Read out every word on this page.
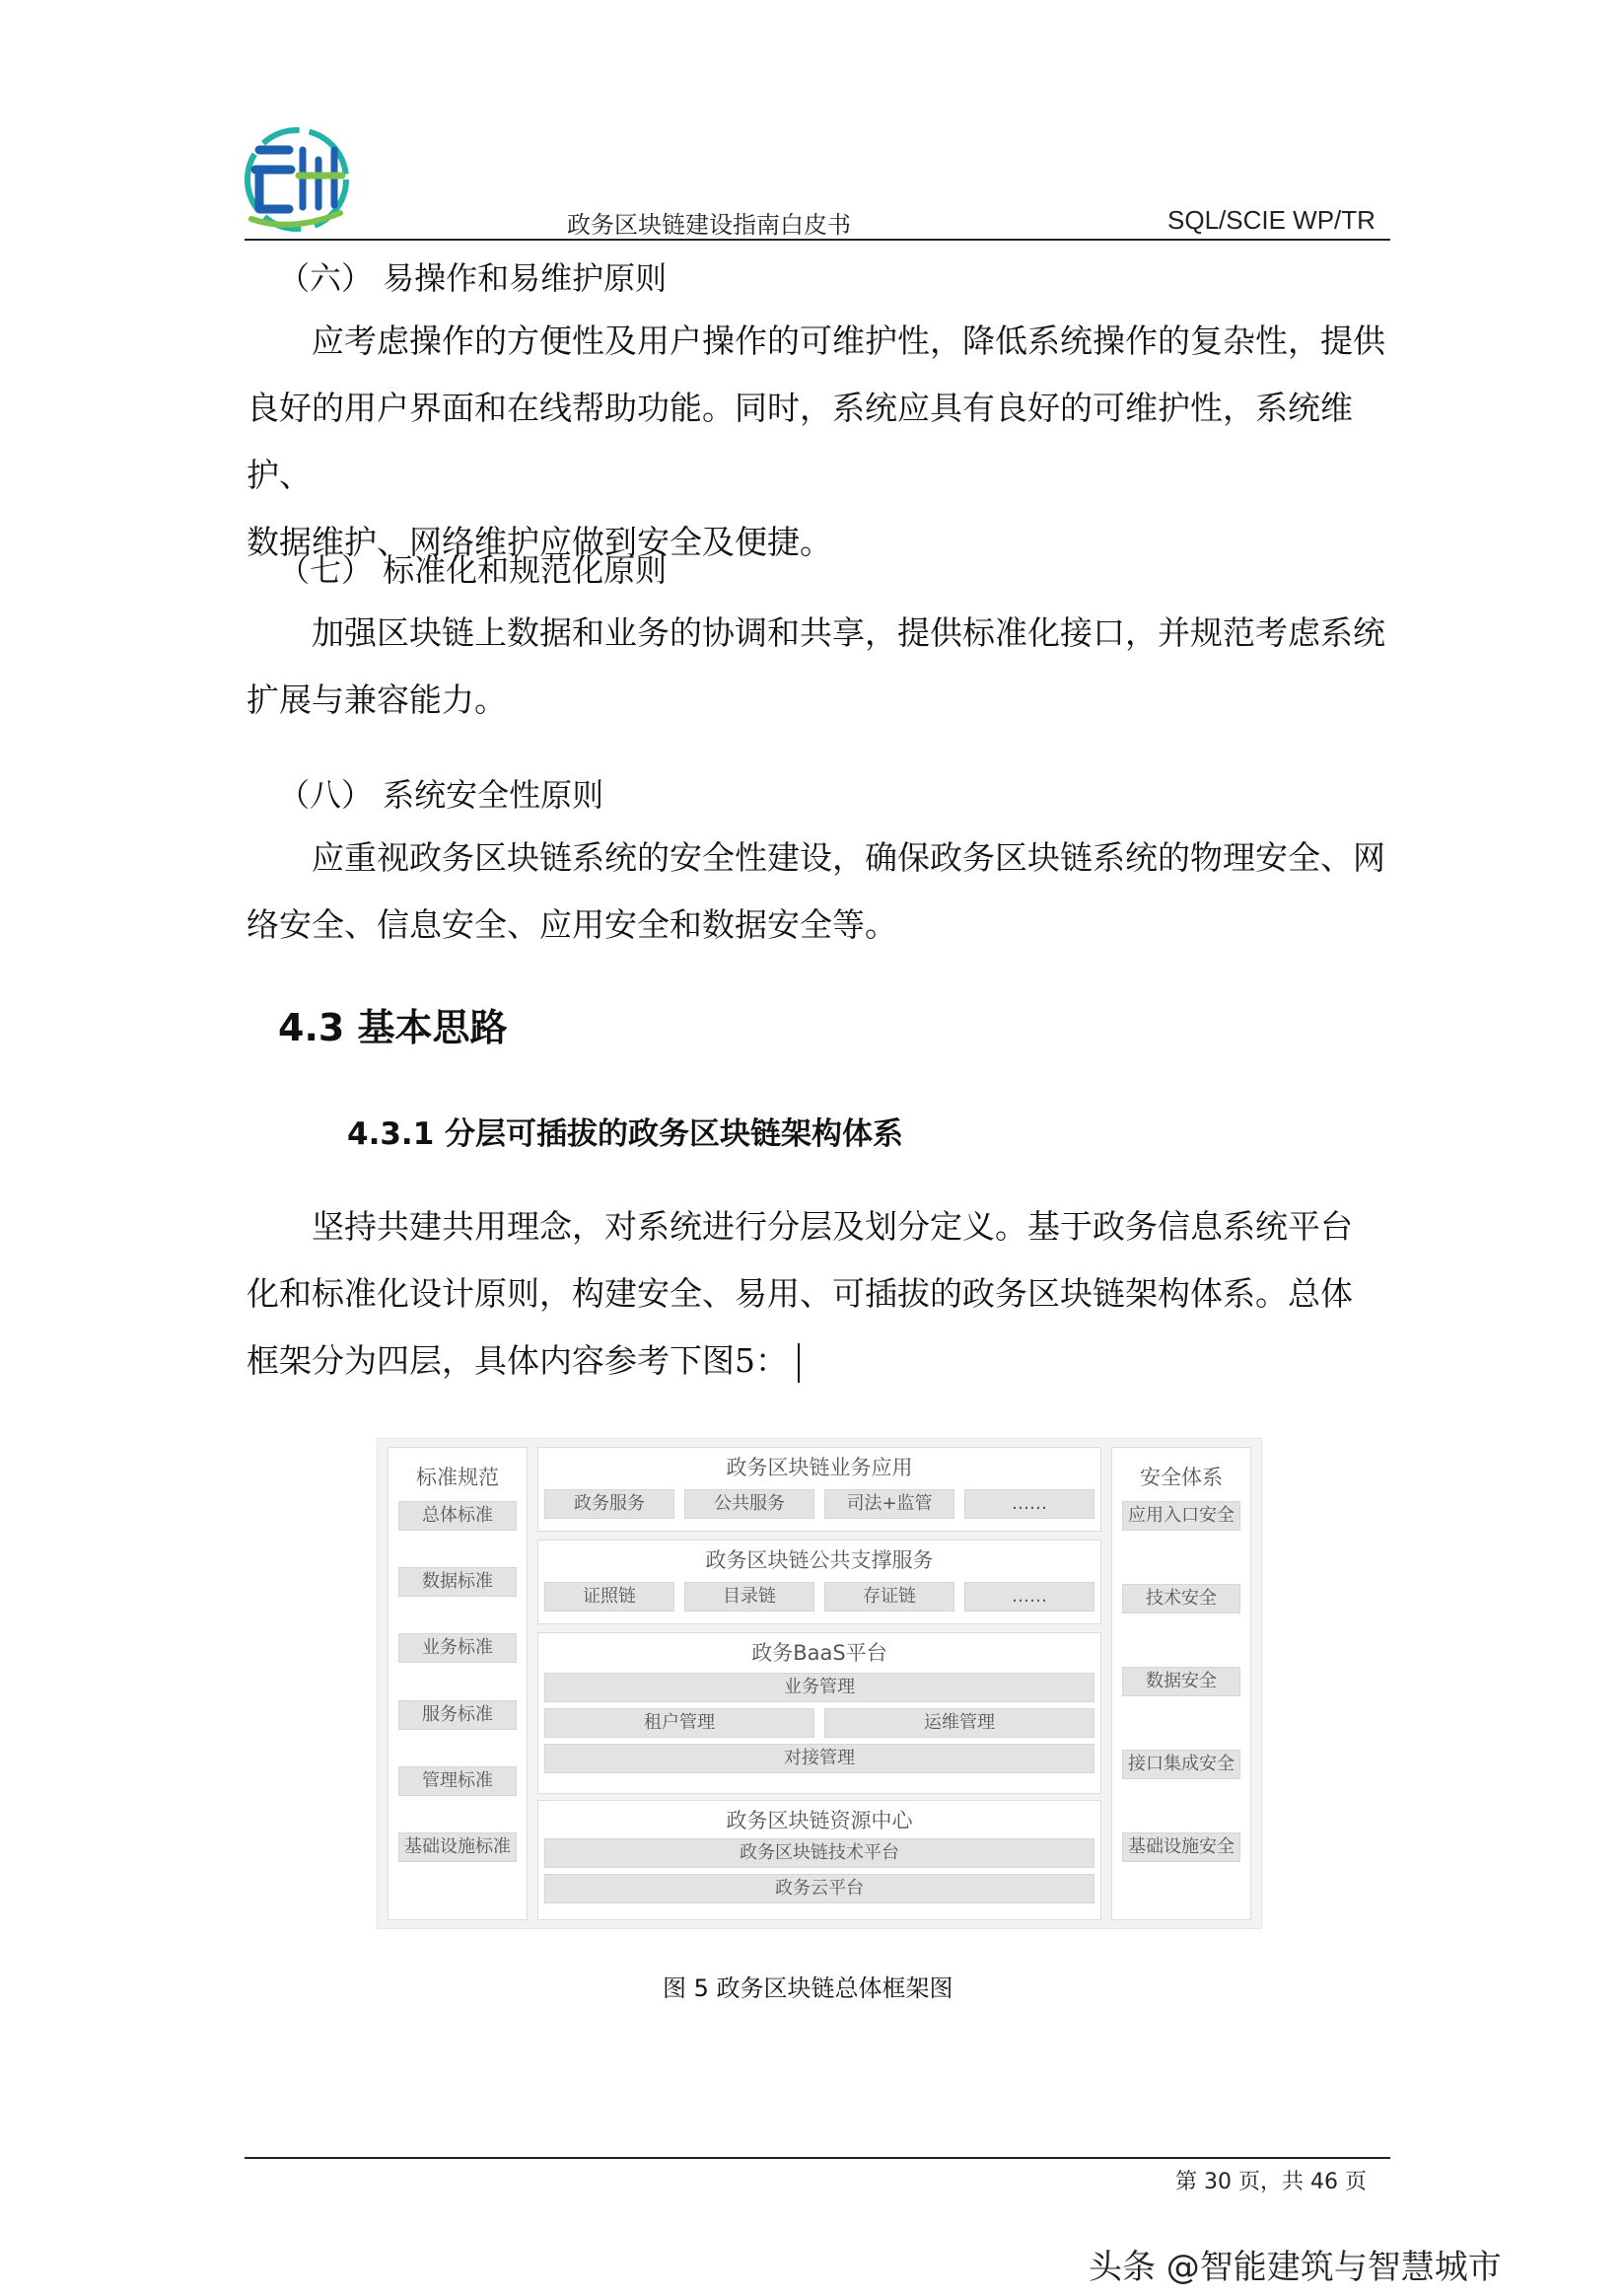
政务区块链建设指南白皮书	SQL/SCIE WP/TR
（六） 易操作和易维护原则

应考虑操作的方便性及用户操作的可维护性，降低系统操作的复杂性，提供

良好的用户界面和在线帮助功能。同时，系统应具有良好的可维护性，系统维护、

数据维护、网络维护应做到安全及便捷。

（七） 标准化和规范化原则

加强区块链上数据和业务的协调和共享，提供标准化接口，并规范考虑系统

扩展与兼容能力。

（八） 系统安全性原则

应重视政务区块链系统的安全性建设，确保政务区块链系统的物理安全、网

络安全、信息安全、应用安全和数据安全等。

4.3 基本思路
4.3.1 分层可插拔的政务区块链架构体系

坚持共建共用理念，对系统进行分层及划分定义。基于政务信息系统平台

化和标准化设计原则，构建安全、易用、可插拔的政务区块链架构体系。总体

框架分为四层，具体内容参考下图5：

标准规范
总体标准
数据标准
业务标准
服务标准
管理标准
基础设施标准
安全体系
应用入口安全
技术安全
数据安全
接口集成安全
基础设施安全
政务区块链业务应用
政务服务	公共服务	司法+监管	……
政务区块链公共支撑服务
证照链	目录链	存证链	……
政务BaaS平台
业务管理
租户管理	运维管理
对接管理
政务区块链资源中心
政务区块链技术平台
政务云平台
图 5 政务区块链总体框架图
第 30 页，共 46 页
头条 @智能建筑与智慧城市
